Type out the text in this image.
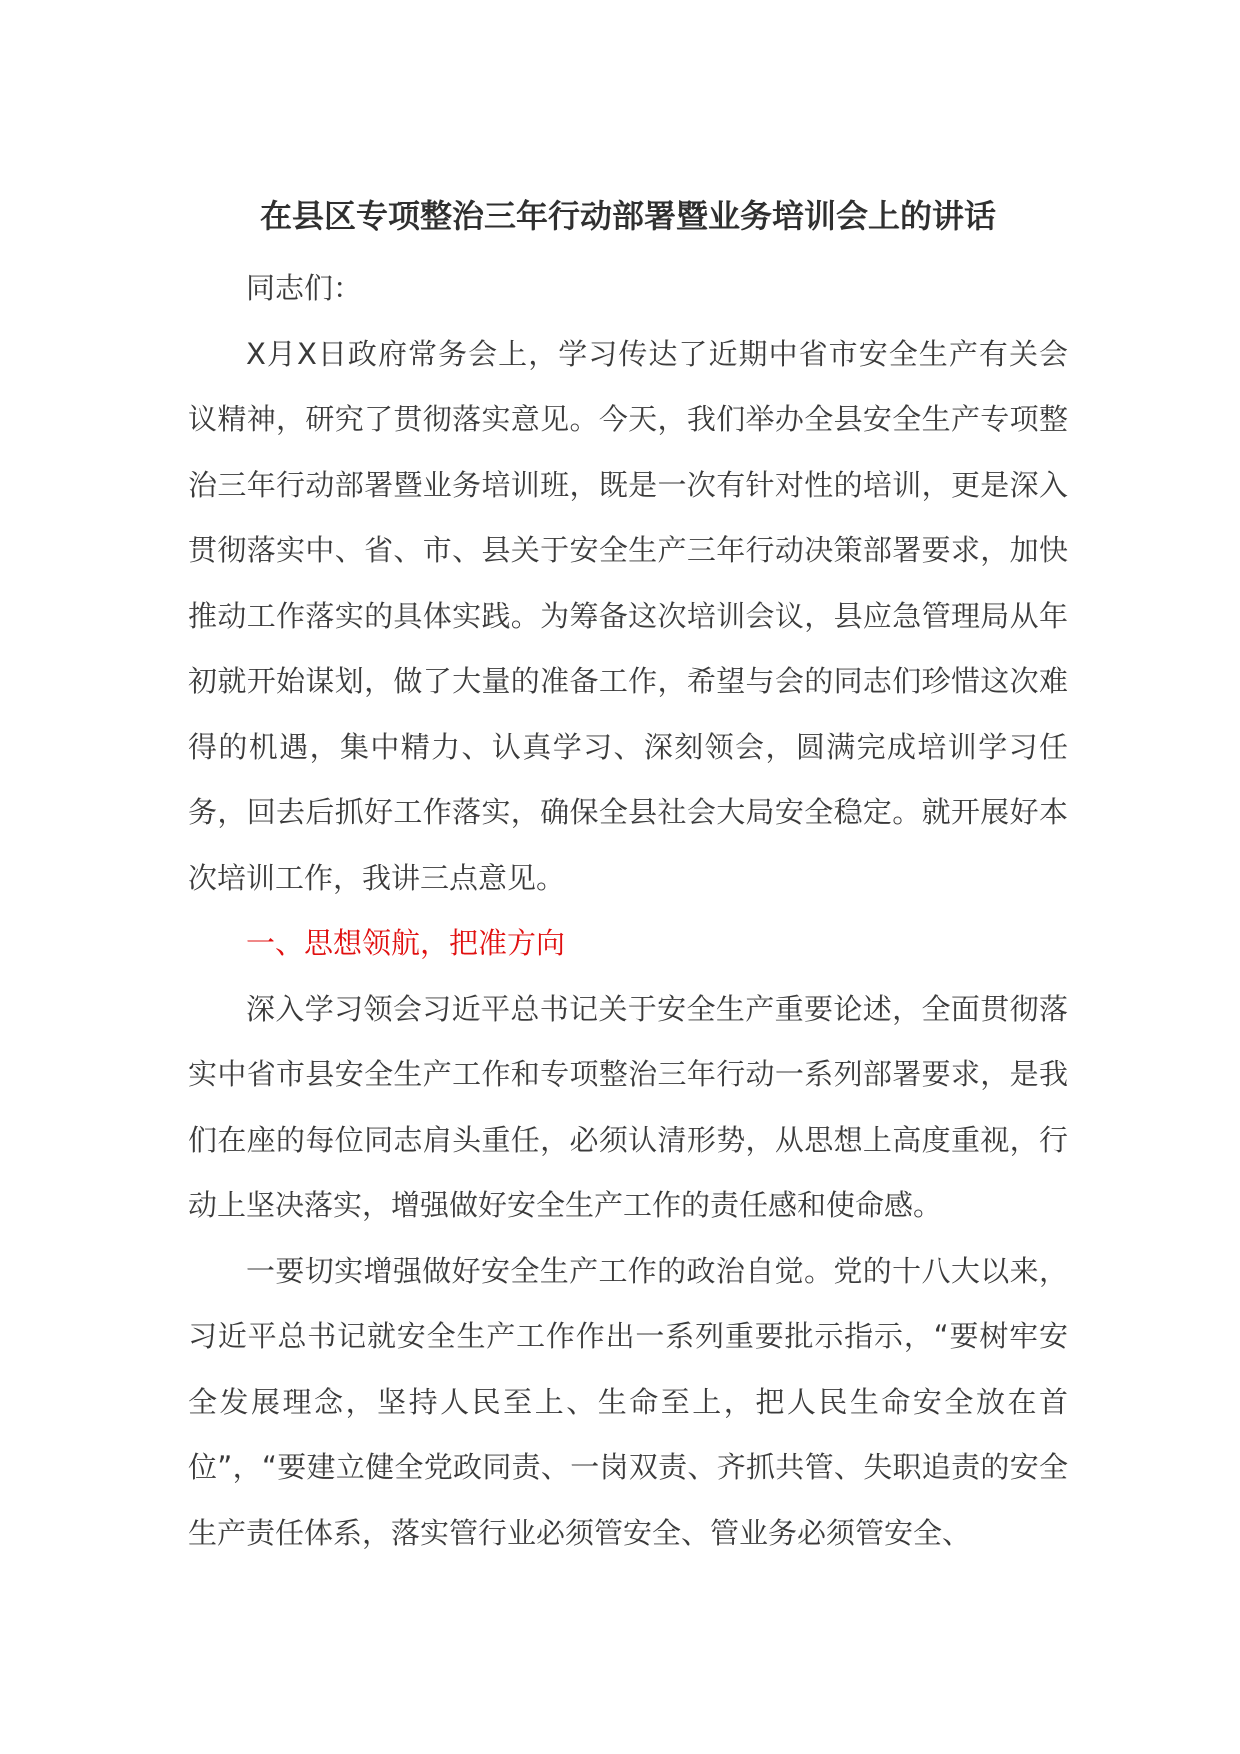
在县区专项整治三年行动部署暨业务培训会上的讲话

同志们：

X月X日政府常务会上，学习传达了近期中省市安全生产有关会议精神，研究了贯彻落实意见。今天，我们举办全县安全生产专项整治三年行动部署暨业务培训班，既是一次有针对性的培训，更是深入贯彻落实中、省、市、县关于安全生产三年行动决策部署要求，加快推动工作落实的具体实践。为筹备这次培训会议，县应急管理局从年初就开始谋划，做了大量的准备工作，希望与会的同志们珍惜这次难得的机遇，集中精力、认真学习、深刻领会，圆满完成培训学习任务，回去后抓好工作落实，确保全县社会大局安全稳定。就开展好本次培训工作，我讲三点意见。

一、思想领航，把准方向

深入学习领会习近平总书记关于安全生产重要论述，全面贯彻落实中省市县安全生产工作和专项整治三年行动一系列部署要求，是我们在座的每位同志肩头重任，必须认清形势，从思想上高度重视，行动上坚决落实，增强做好安全生产工作的责任感和使命感。

一要切实增强做好安全生产工作的政治自觉。党的十八大以来，习近平总书记就安全生产工作作出一系列重要批示指示，“要树牢安全发展理念，坚持人民至上、生命至上，把人民生命安全放在首位”，“要建立健全党政同责、一岗双责、齐抓共管、失职追责的安全生产责任体系，落实管行业必须管安全、管业务必须管安全、
